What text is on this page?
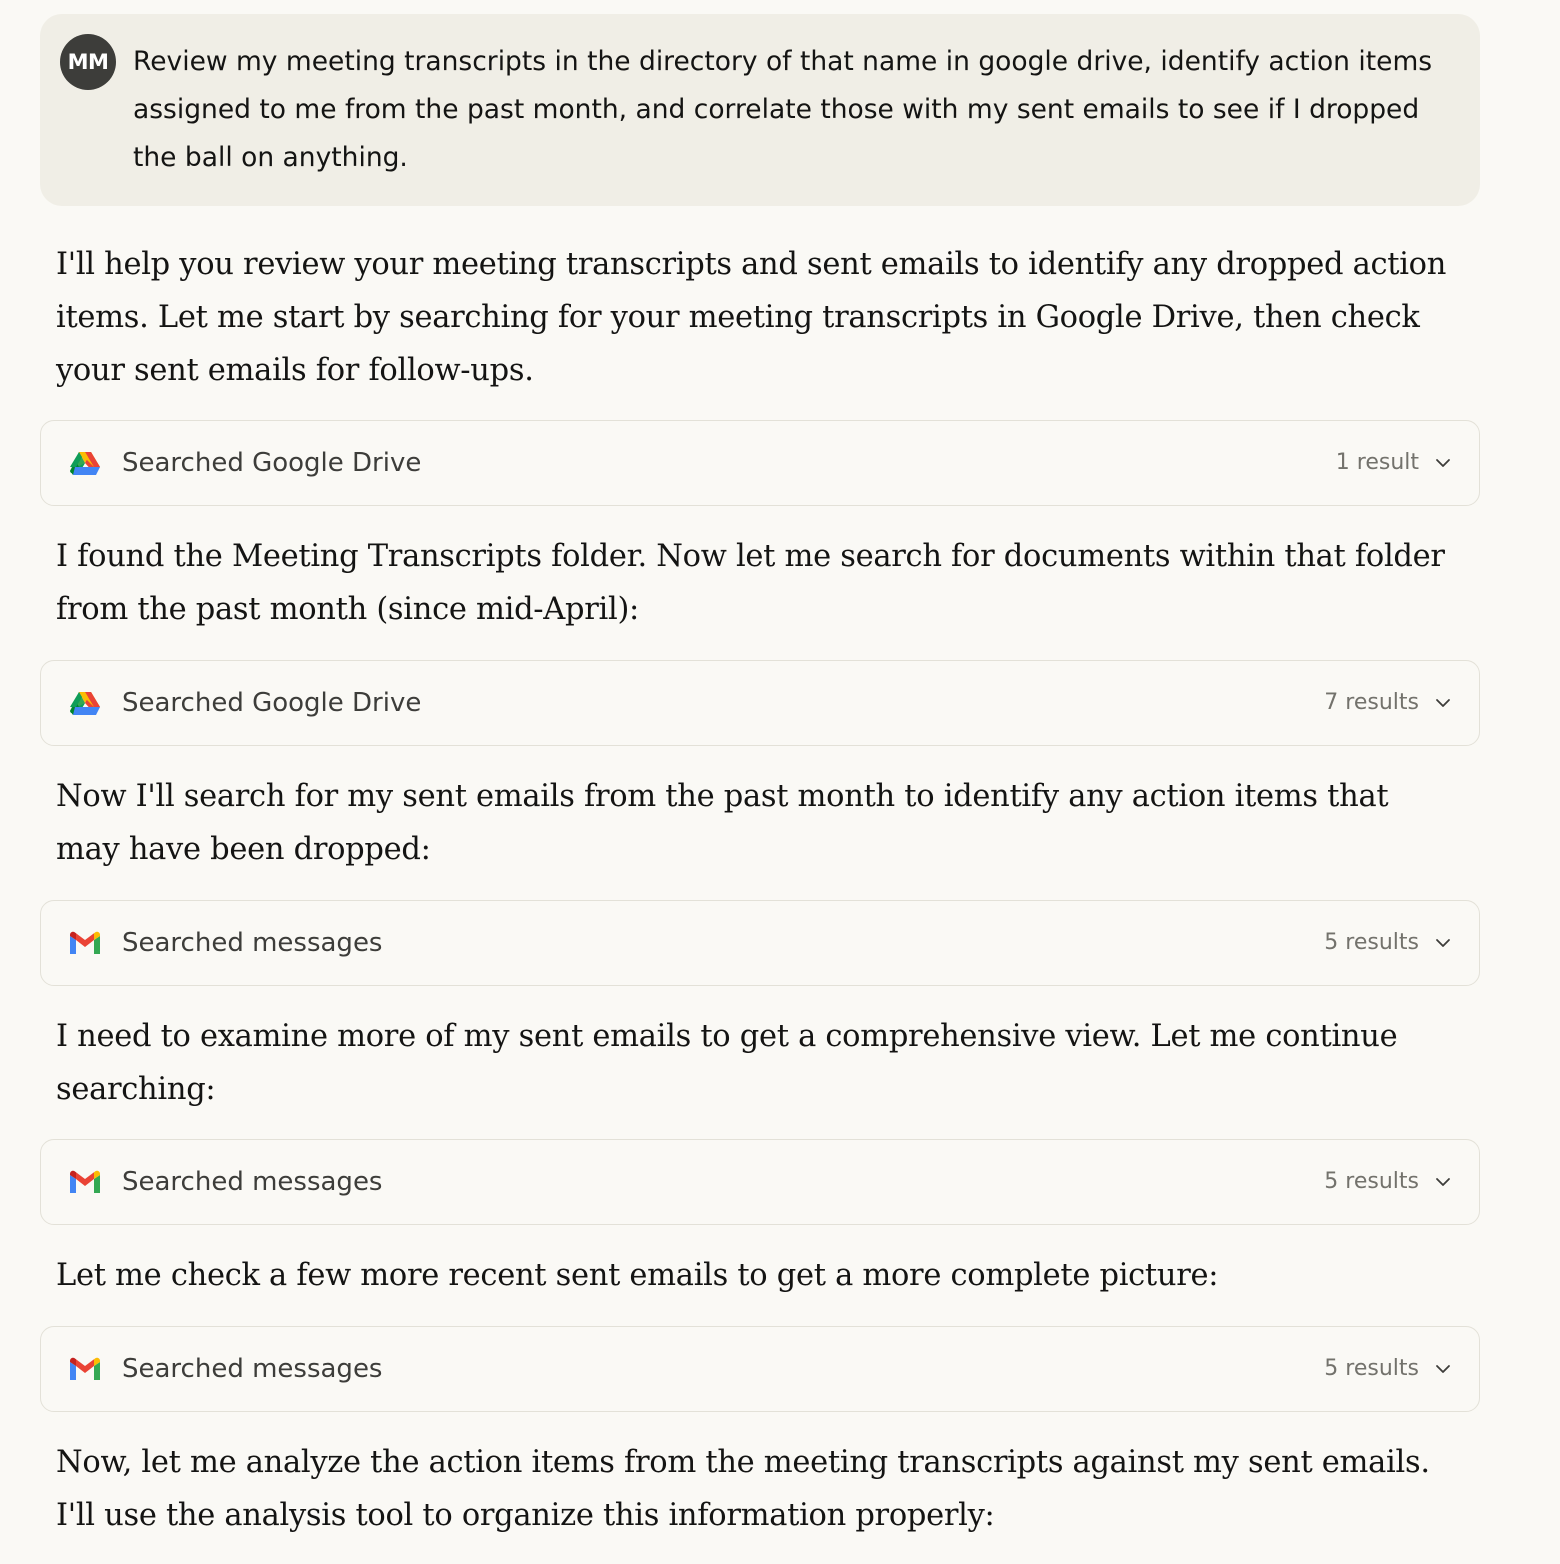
MM Review my meeting transcripts in the directory of that name in google drive, identify action items assigned to me from the past month, and correlate those with my sent emails to see if I dropped the ball on anything.

I'll help you review your meeting transcripts and sent emails to identify any dropped action items. Let me start by searching for your meeting transcripts in Google Drive, then check your sent emails for follow-ups.

Searched Google Drive	1 result

I found the Meeting Transcripts folder. Now let me search for documents within that folder from the past month (since mid-April):

Searched Google Drive	7 results

Now I'll search for my sent emails from the past month to identify any action items that may have been dropped:

Searched messages	5 results

I need to examine more of my sent emails to get a comprehensive view. Let me continue searching:

Searched messages	5 results

Let me check a few more recent sent emails to get a more complete picture:

Searched messages	5 results

Now, let me analyze the action items from the meeting transcripts against my sent emails. I'll use the analysis tool to organize this information properly:
